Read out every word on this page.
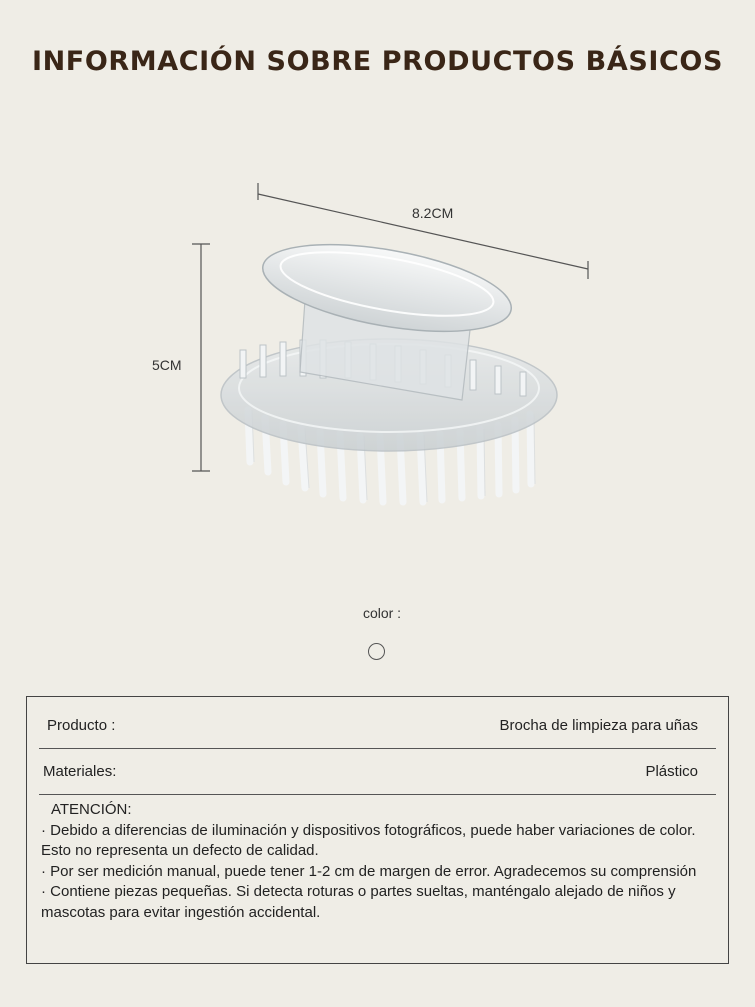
INFORMACIÓN SOBRE PRODUCTOS BÁSICOS
8.2CM
5CM
color :
Producto :	Brocha de limpieza para uñas
Materiales:	Plástico

ATENCIÓN:

· Debido a diferencias de iluminación y dispositivos fotográficos, puede haber variaciones de color. Esto no representa un defecto de calidad.

· Por ser medición manual, puede tener 1-2 cm de margen de error. Agradecemos su comprensión

· Contiene piezas pequeñas. Si detecta roturas o partes sueltas, manténgalo alejado de niños y mascotas para evitar ingestión accidental.
